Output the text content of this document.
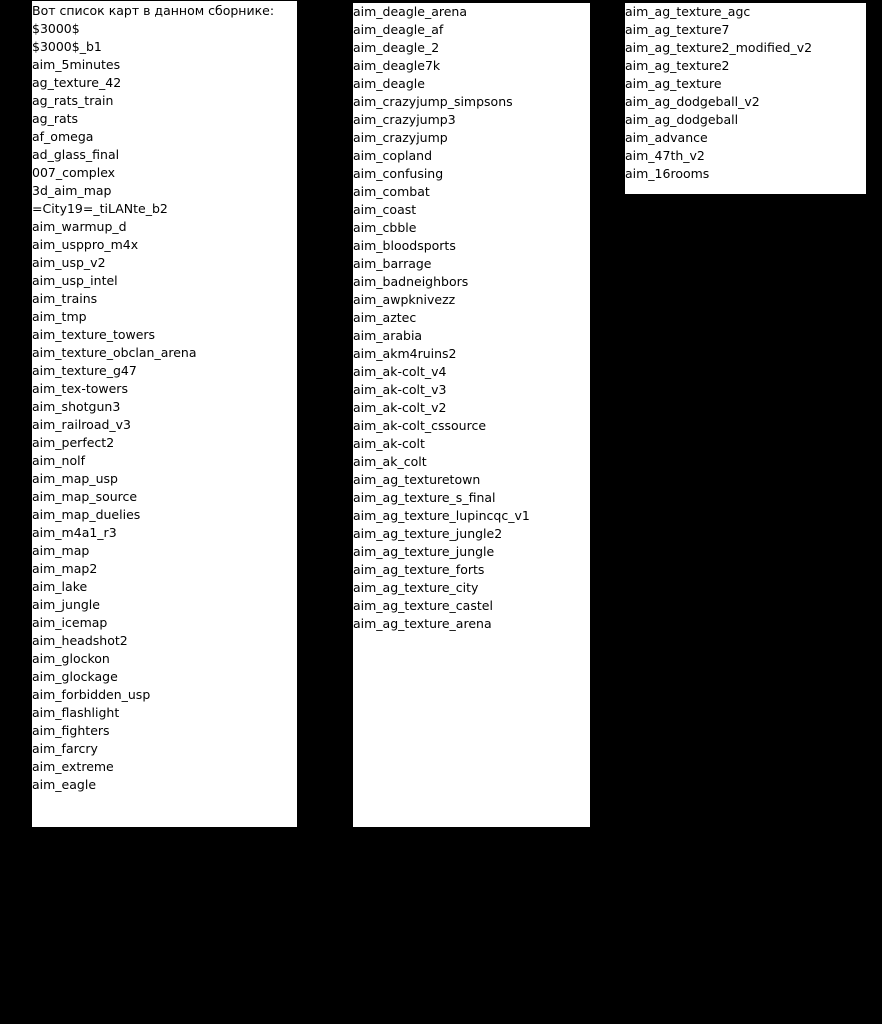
Вот список карт в данном сборнике:
$3000$
$3000$_b1
aim_5minutes
ag_texture_42
ag_rats_train
ag_rats
af_omega
ad_glass_final
007_complex
3d_aim_map
=City19=_tiLANte_b2
aim_warmup_d
aim_usppro_m4x
aim_usp_v2
aim_usp_intel
aim_trains
aim_tmp
aim_texture_towers
aim_texture_obclan_arena
aim_texture_g47
aim_tex-towers
aim_shotgun3
aim_railroad_v3
aim_perfect2
aim_nolf
aim_map_usp
aim_map_source
aim_map_duelies
aim_m4a1_r3
aim_map
aim_map2
aim_lake
aim_jungle
aim_icemap
aim_headshot2
aim_glockon
aim_glockage
aim_forbidden_usp
aim_flashlight
aim_fighters
aim_farcry
aim_extreme
aim_eagle
aim_deagle_arena
aim_deagle_af
aim_deagle_2
aim_deagle7k
aim_deagle
aim_crazyjump_simpsons
aim_crazyjump3
aim_crazyjump
aim_copland
aim_confusing
aim_combat
aim_coast
aim_cbble
aim_bloodsports
aim_barrage
aim_badneighbors
aim_awpknivezz
aim_aztec
aim_arabia
aim_akm4ruins2
aim_ak-colt_v4
aim_ak-colt_v3
aim_ak-colt_v2
aim_ak-colt_cssource
aim_ak-colt
aim_ak_colt
aim_ag_texturetown
aim_ag_texture_s_final
aim_ag_texture_lupincqc_v1
aim_ag_texture_jungle2
aim_ag_texture_jungle
aim_ag_texture_forts
aim_ag_texture_city
aim_ag_texture_castel
aim_ag_texture_arena
aim_ag_texture_agc
aim_ag_texture7
aim_ag_texture2_modified_v2
aim_ag_texture2
aim_ag_texture
aim_ag_dodgeball_v2
aim_ag_dodgeball
aim_advance
aim_47th_v2
aim_16rooms
